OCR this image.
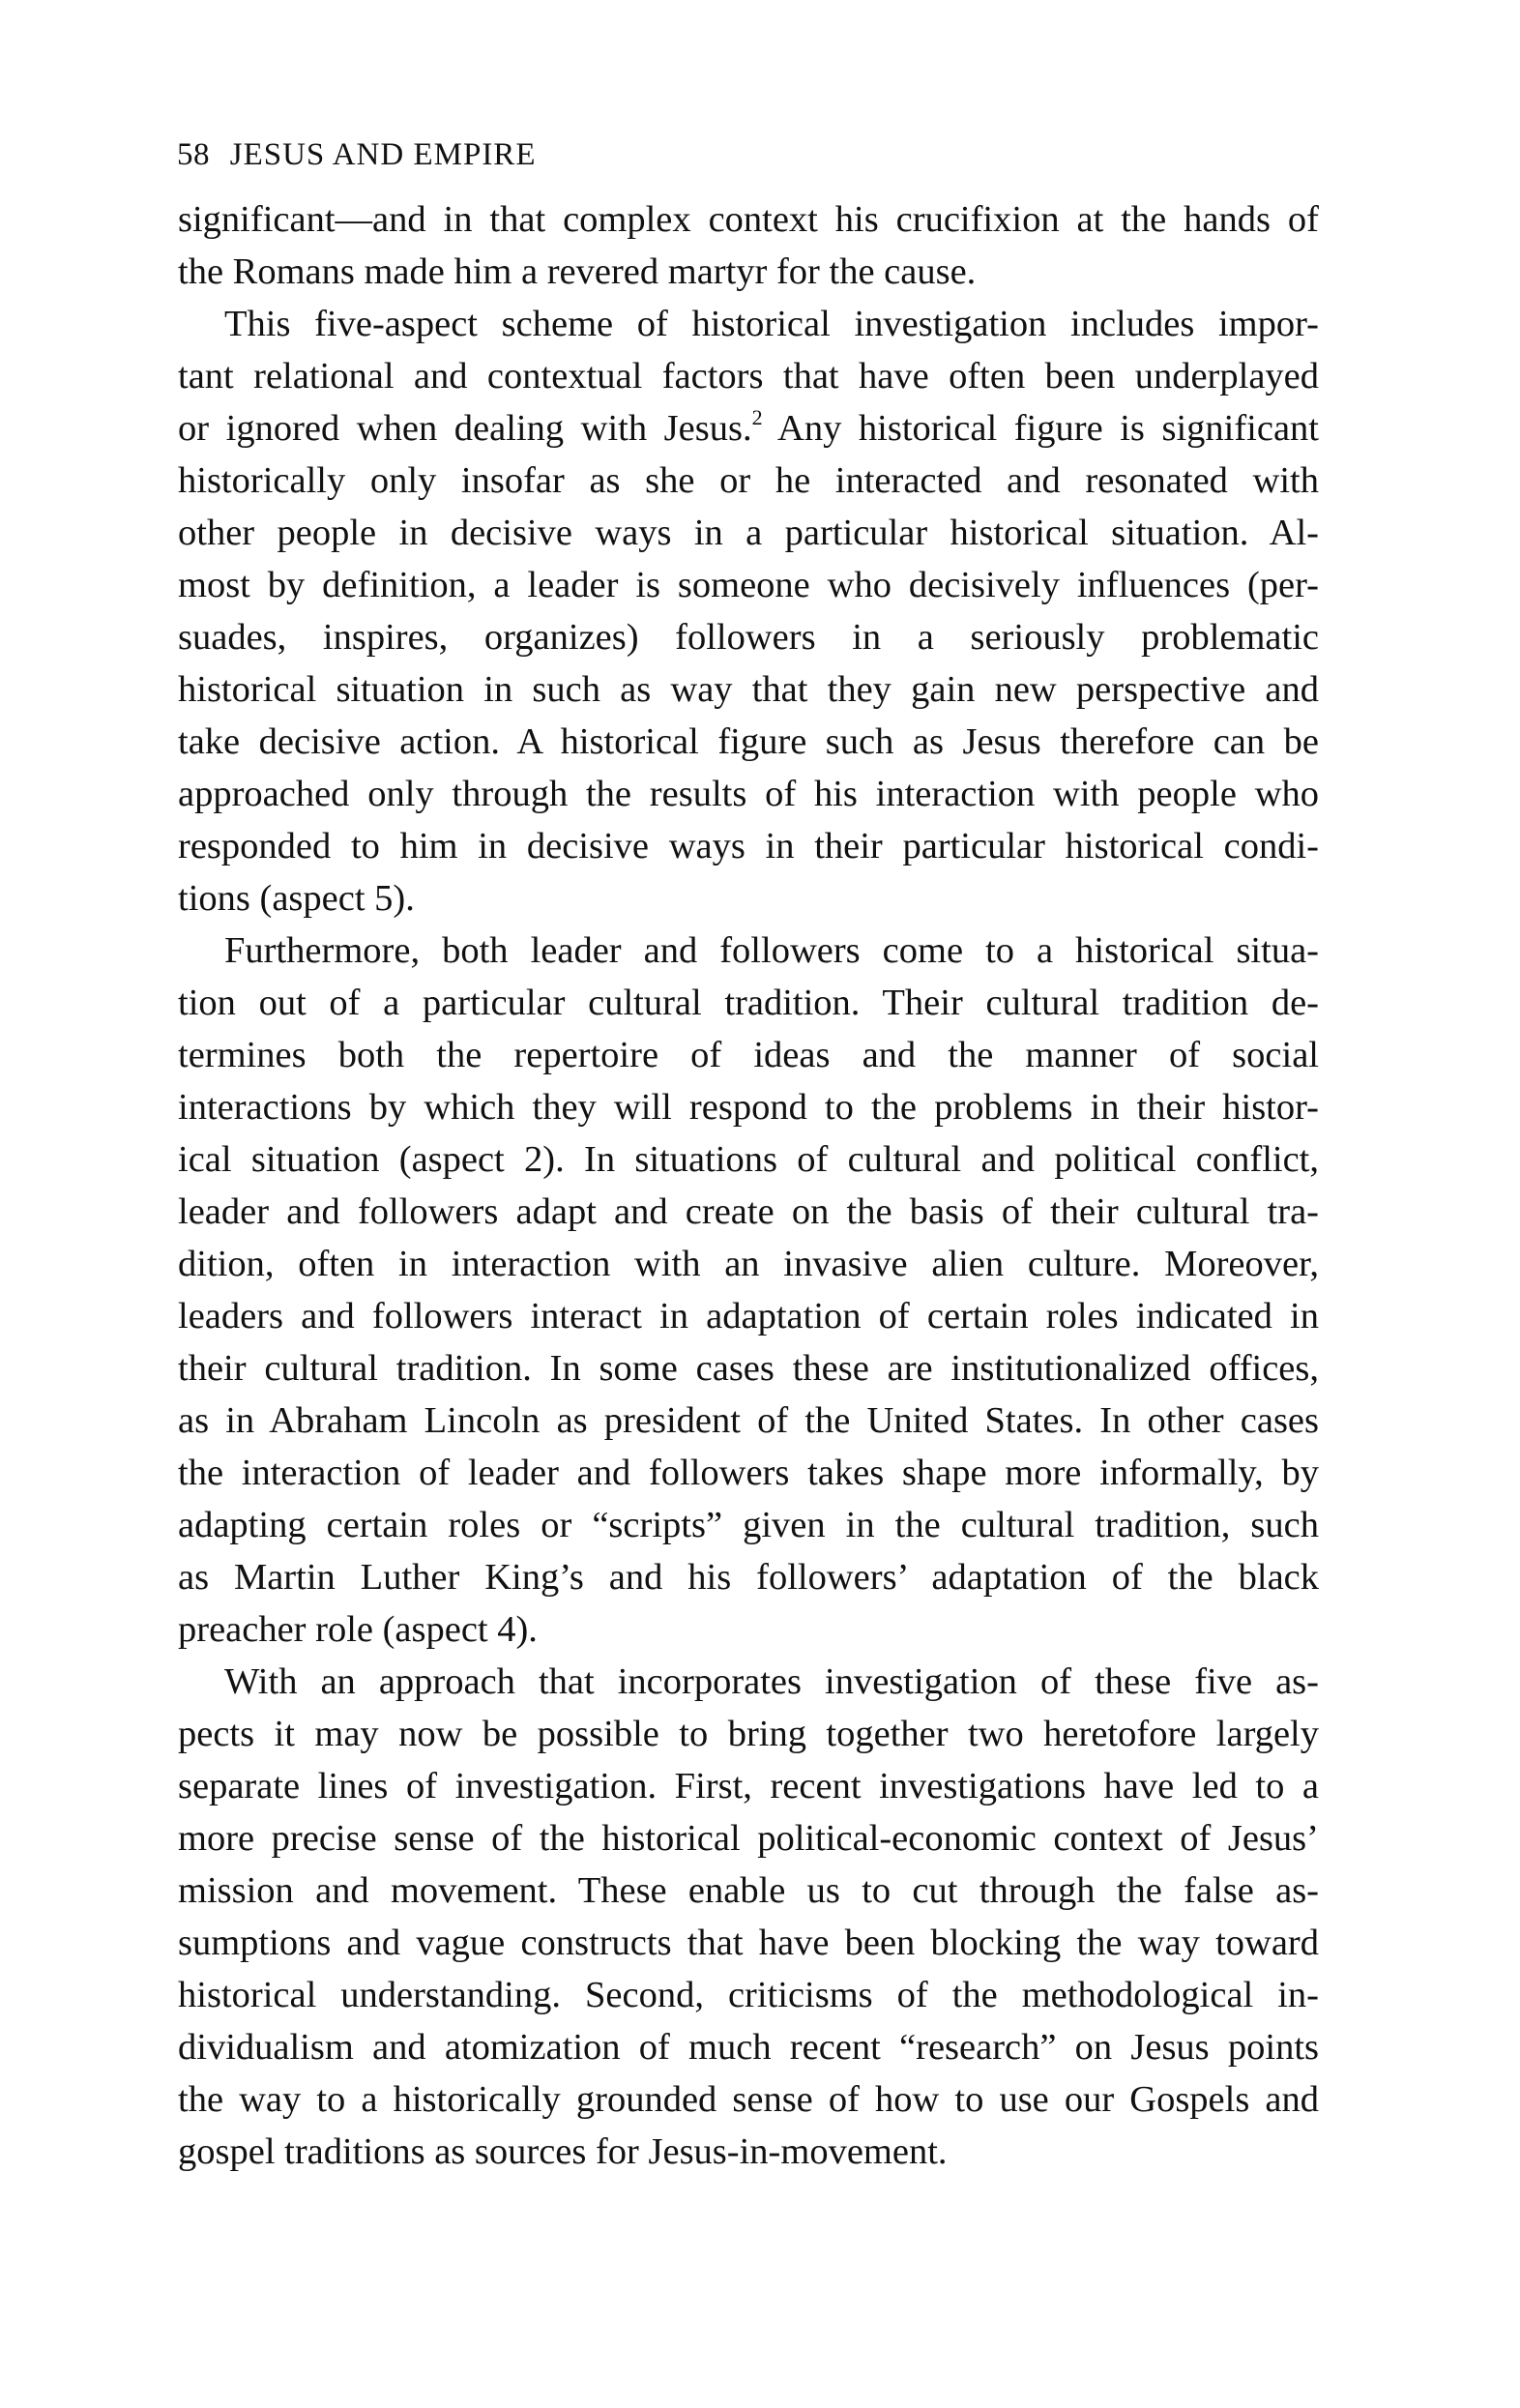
58 JESUS AND EMPIRE

significant—and in that complex context his crucifixion at the hands of
the Romans made him a revered martyr for the cause.

This five-aspect scheme of historical investigation includes impor-
tant relational and contextual factors that have often been underplayed
or ignored when dealing with Jesus.$^2$ Any historical figure is significant
historically only insofar as she or he interacted and resonated with
other people in decisive ways in a particular historical situation. Al-
most by definition, a leader is someone who decisively influences (per-
suades, inspires, organizes) followers in a seriously problematic
historical situation in such as way that they gain new perspective and
take decisive action. A historical figure such as Jesus therefore can be
approached only through the results of his interaction with people who
responded to him in decisive ways in their particular historical condi-
tions (aspect 5).

Furthermore, both leader and followers come to a historical situa-
tion out of a particular cultural tradition. Their cultural tradition de-
termines both the repertoire of ideas and the manner of social
interactions by which they will respond to the problems in their histor-
ical situation (aspect 2). In situations of cultural and political conflict,
leader and followers adapt and create on the basis of their cultural tra-
dition, often in interaction with an invasive alien culture. Moreover,
leaders and followers interact in adaptation of certain roles indicated in
their cultural tradition. In some cases these are institutionalized offices,
as in Abraham Lincoln as president of the United States. In other cases
the interaction of leader and followers takes shape more informally, by
adapting certain roles or “scripts” given in the cultural tradition, such
as Martin Luther King’s and his followers’ adaptation of the black
preacher role (aspect 4).

With an approach that incorporates investigation of these five as-
pects it may now be possible to bring together two heretofore largely
separate lines of investigation. First, recent investigations have led to a
more precise sense of the historical political-economic context of Jesus’
mission and movement. These enable us to cut through the false as-
sumptions and vague constructs that have been blocking the way toward
historical understanding. Second, criticisms of the methodological in-
dividualism and atomization of much recent “research” on Jesus points
the way to a historically grounded sense of how to use our Gospels and
gospel traditions as sources for Jesus-in-movement.
